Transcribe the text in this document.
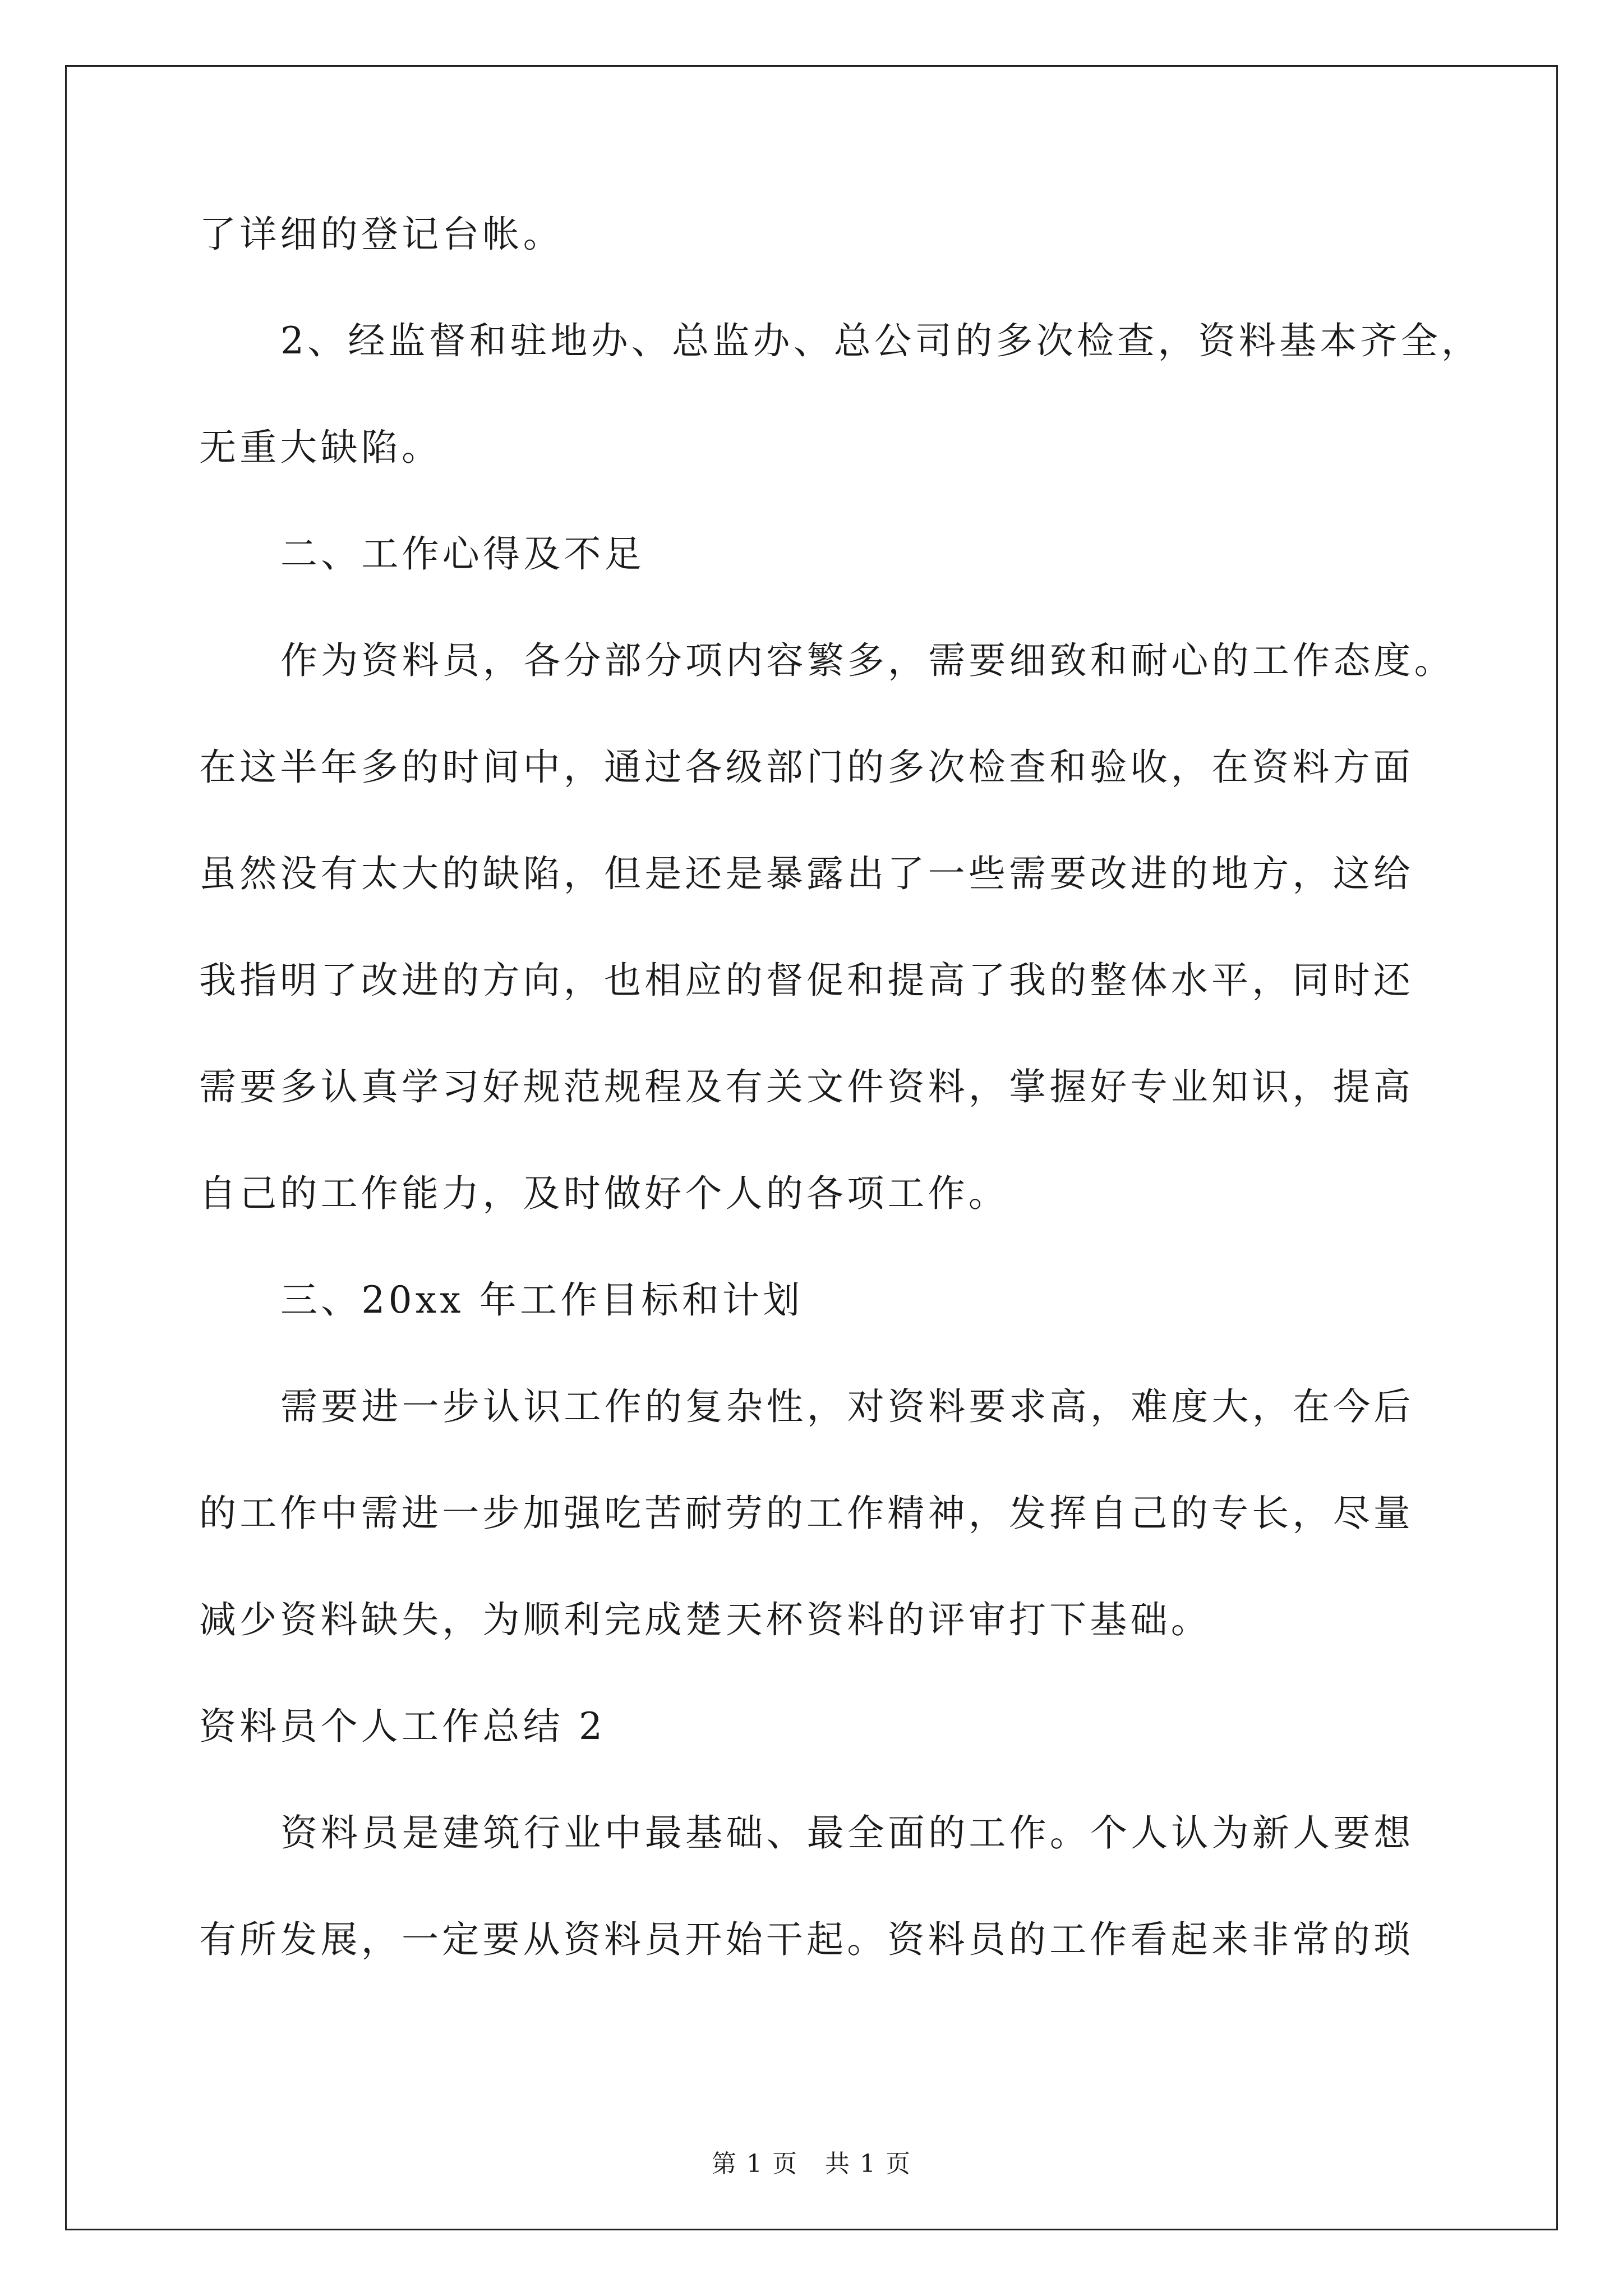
了详细的登记台帐。

2、经监督和驻地办、总监办、总公司的多次检查，资料基本齐全，

无重大缺陷。

二、工作心得及不足

作为资料员，各分部分项内容繁多，需要细致和耐心的工作态度。

在这半年多的时间中，通过各级部门的多次检查和验收，在资料方面

虽然没有太大的缺陷，但是还是暴露出了一些需要改进的地方，这给

我指明了改进的方向，也相应的督促和提高了我的整体水平，同时还

需要多认真学习好规范规程及有关文件资料，掌握好专业知识，提高

自己的工作能力，及时做好个人的各项工作。

三、20xx 年工作目标和计划

需要进一步认识工作的复杂性，对资料要求高，难度大，在今后

的工作中需进一步加强吃苦耐劳的工作精神，发挥自己的专长，尽量

减少资料缺失，为顺利完成楚天杯资料的评审打下基础。

资料员个人工作总结 2

资料员是建筑行业中最基础、最全面的工作。个人认为新人要想

有所发展，一定要从资料员开始干起。资料员的工作看起来非常的琐

第 1 页   共 1 页
